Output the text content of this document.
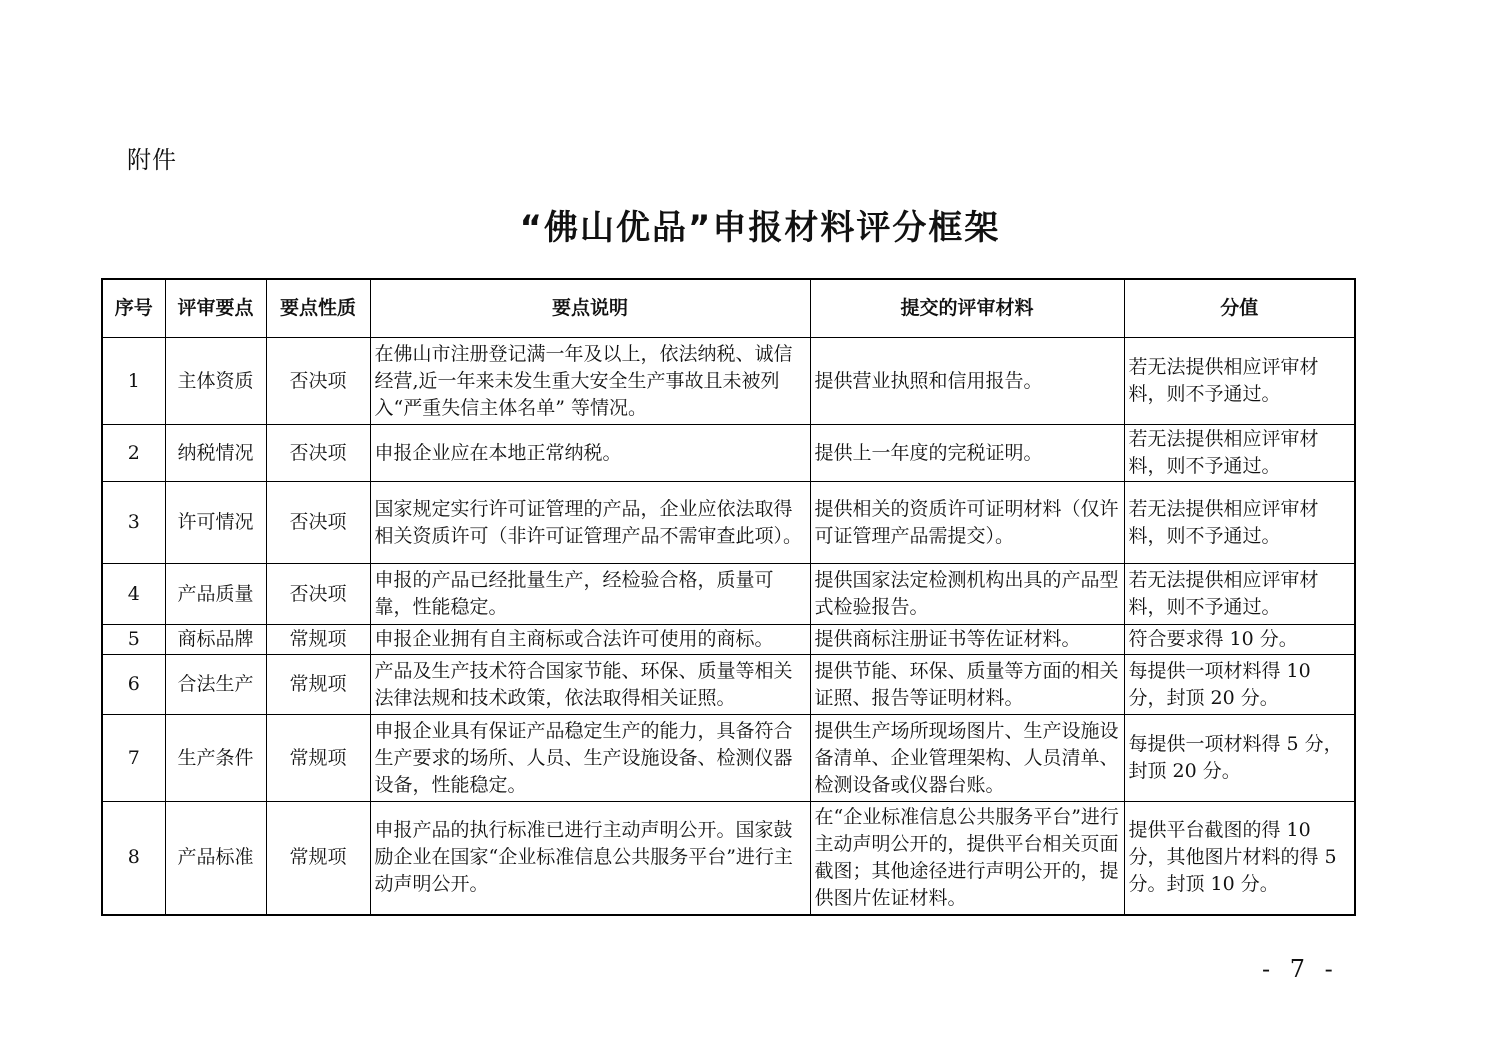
附件
“佛山优品”申报材料评分框架
序号	评审要点	要点性质	要点说明	提交的评审材料	分值
1	主体资质	否决项	在佛山市注册登记满一年及以上，依法纳税、诚信经营,近一年来未发生重大安全生产事故且未被列入“严重失信主体名单” 等情况。	提供营业执照和信用报告。	若无法提供相应评审材料，则不予通过。
2	纳税情况	否决项	申报企业应在本地正常纳税。	提供上一年度的完税证明。	若无法提供相应评审材料，则不予通过。
3	许可情况	否决项	国家规定实行许可证管理的产品，企业应依法取得相关资质许可（非许可证管理产品不需审查此项）。	提供相关的资质许可证明材料（仅许可证管理产品需提交）。	若无法提供相应评审材料，则不予通过。
4	产品质量	否决项	申报的产品已经批量生产，经检验合格，质量可靠，性能稳定。	提供国家法定检测机构出具的产品型式检验报告。	若无法提供相应评审材料，则不予通过。
5	商标品牌	常规项	申报企业拥有自主商标或合法许可使用的商标。	提供商标注册证书等佐证材料。	符合要求得 10 分。
6	合法生产	常规项	产品及生产技术符合国家节能、环保、质量等相关法律法规和技术政策，依法取得相关证照。	提供节能、环保、质量等方面的相关证照、报告等证明材料。	每提供一项材料得 10 分，封顶 20 分。
7	生产条件	常规项	申报企业具有保证产品稳定生产的能力，具备符合生产要求的场所、人员、生产设施设备、检测仪器设备，性能稳定。	提供生产场所现场图片、生产设施设备清单、企业管理架构、人员清单、检测设备或仪器台账。	每提供一项材料得 5 分，封顶 20 分。
8	产品标准	常规项	申报产品的执行标准已进行主动声明公开。国家鼓励企业在国家“企业标准信息公共服务平台”进行主动声明公开。	在“企业标准信息公共服务平台”进行主动声明公开的，提供平台相关页面截图；其他途径进行声明公开的，提供图片佐证材料。	提供平台截图的得 10 分，其他图片材料的得 5 分。封顶 10 分。
- 7 -
